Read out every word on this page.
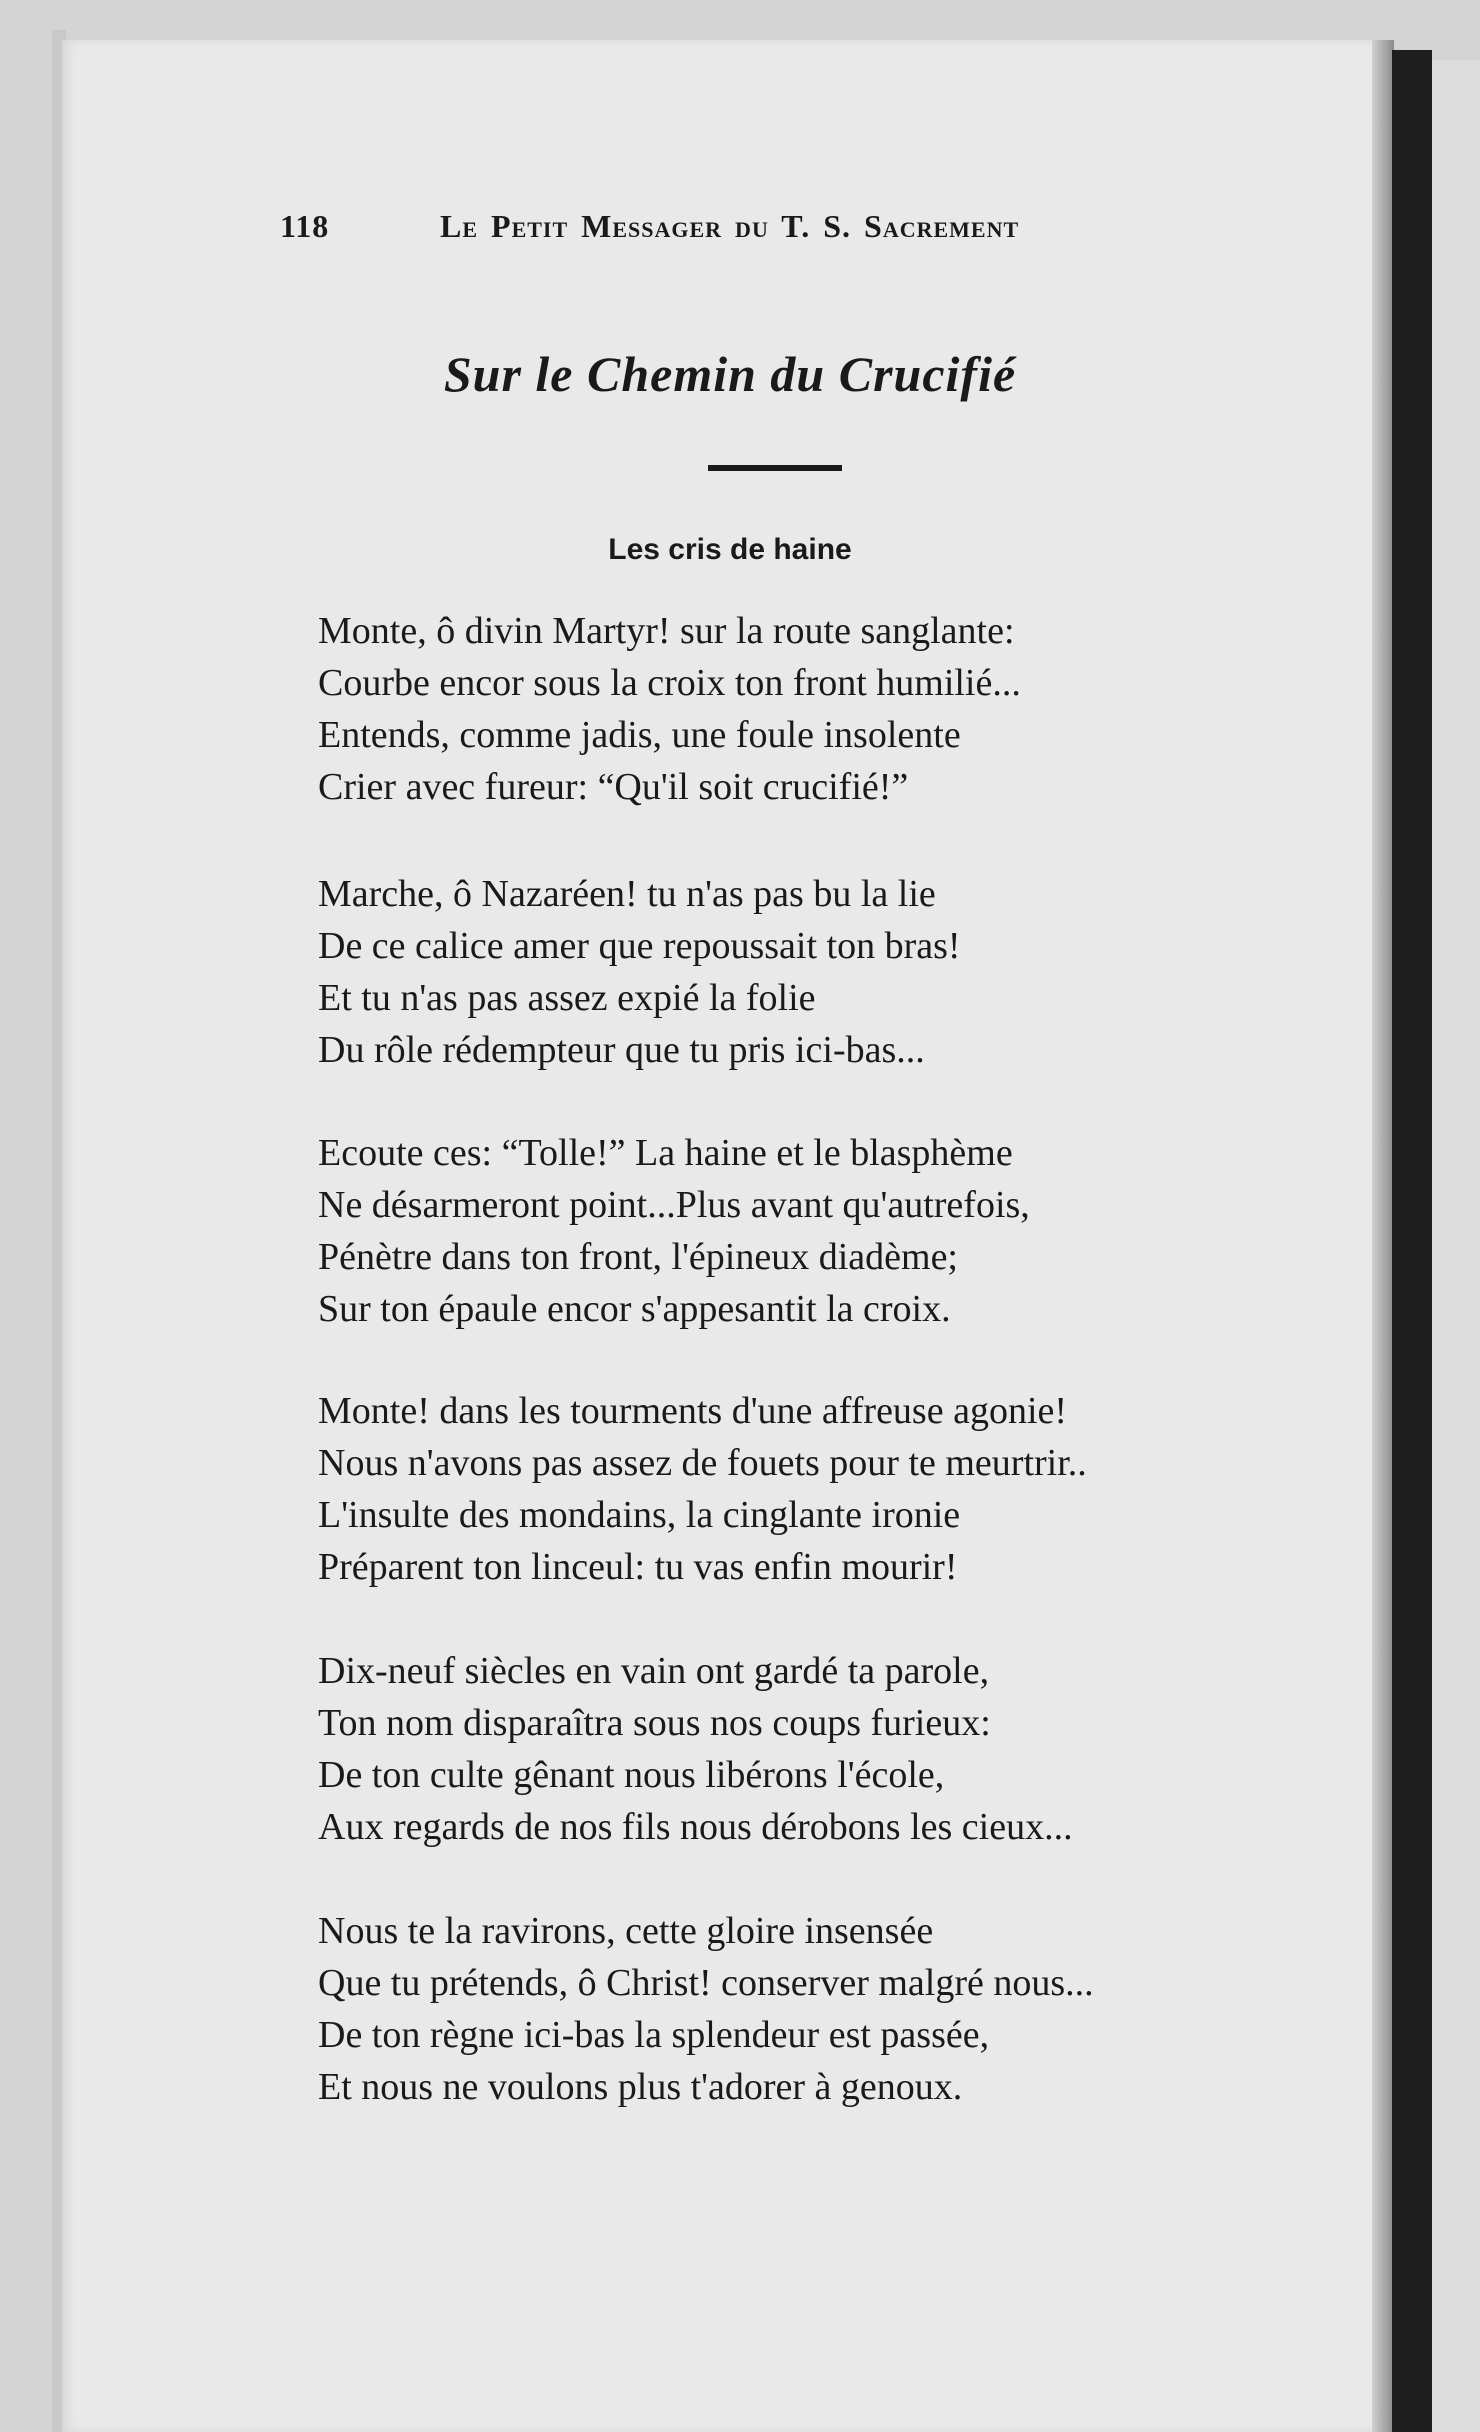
118	Le Petit Messager du T. S. Sacrement
Sur le Chemin du Crucifié
Les cris de haine
Monte, ô divin Martyr! sur la route sanglante:
Courbe encor sous la croix ton front humilié...
Entends, comme jadis, une foule insolente
Crier avec fureur: “Qu'il soit crucifié!”
Marche, ô Nazaréen! tu n'as pas bu la lie
De ce calice amer que repoussait ton bras!
Et tu n'as pas assez expié la folie
Du rôle rédempteur que tu pris ici-bas...
Ecoute ces: “Tolle!” La haine et le blasphème
Ne désarmeront point...Plus avant qu'autrefois,
Pénètre dans ton front, l'épineux diadème;
Sur ton épaule encor s'appesantit la croix.
Monte! dans les tourments d'une affreuse agonie!
Nous n'avons pas assez de fouets pour te meurtrir..
L'insulte des mondains, la cinglante ironie
Préparent ton linceul: tu vas enfin mourir!
Dix-neuf siècles en vain ont gardé ta parole,
Ton nom disparaîtra sous nos coups furieux:
De ton culte gênant nous libérons l'école,
Aux regards de nos fils nous dérobons les cieux...
Nous te la ravirons, cette gloire insensée
Que tu prétends, ô Christ! conserver malgré nous...
De ton règne ici-bas la splendeur est passée,
Et nous ne voulons plus t'adorer à genoux.
